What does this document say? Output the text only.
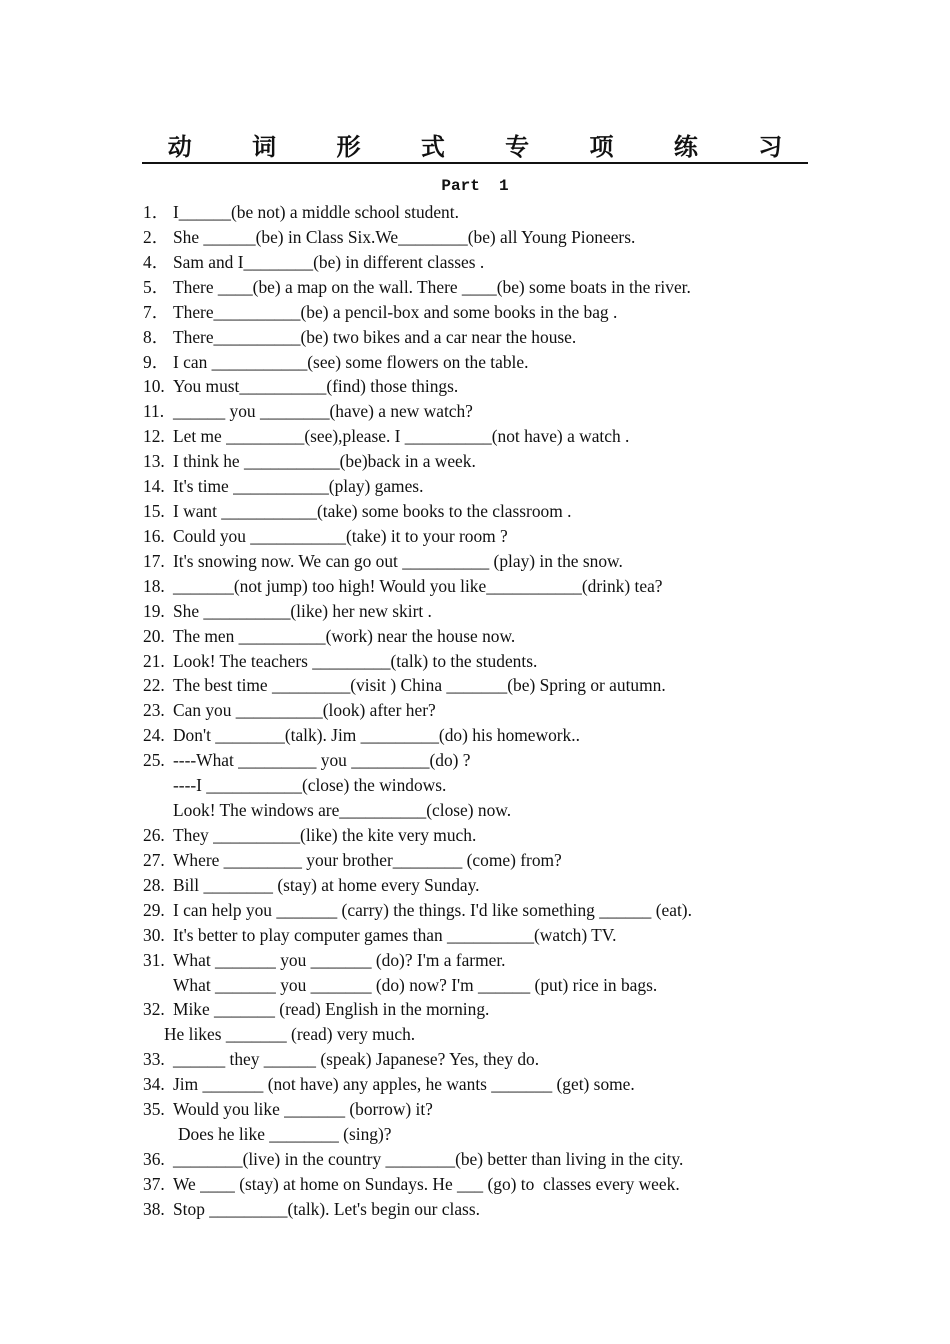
动 词 形 式 专 项 练 习
Part  1
1． I______(be not) a middle school student.
2． She ______(be) in Class Six.We________(be) all Young Pioneers.
4． Sam and I________(be) in different classes .
5． There ____(be) a map on the wall. There ____(be) some boats in the river.
7． There__________(be) a pencil-box and some books in the bag .
8． There__________(be) two bikes and a car near the house.
9． I can ___________(see) some flowers on the table.
10. You must__________(find) those things.
11. ______ you ________(have) a new watch?
12. Let me _________(see),please. I __________(not have) a watch .
13. I think he ___________(be)back in a week.
14. It's time ___________(play) games.
15. I want ___________(take) some books to the classroom .
16. Could you ___________(take) it to your room ?
17. It's snowing now. We can go out __________ (play) in the snow.
18. _______(not jump) too high! Would you like___________(drink) tea?
19. She __________(like) her new skirt .
20. The men __________(work) near the house now.
21. Look! The teachers _________(talk) to the students.
22. The best time _________(visit ) China _______(be) Spring or autumn.
23. Can you __________(look) after her?
24. Don't ________(talk). Jim _________(do) his homework..
25. ----What _________ you _________(do) ?
----I ___________(close) the windows.
Look! The windows are__________(close) now.
26. They __________(like) the kite very much.
27. Where _________ your brother________ (come) from?
28. Bill ________ (stay) at home every Sunday.
29. I can help you _______ (carry) the things. I'd like something ______ (eat).
30. It's better to play computer games than __________(watch) TV.
31. What _______ you _______ (do)? I'm a farmer.
What _______ you _______ (do) now? I'm ______ (put) rice in bags.
32. Mike _______ (read) English in the morning.
He likes _______ (read) very much.
33. ______ they ______ (speak) Japanese? Yes, they do.
34. Jim _______ (not have) any apples, he wants _______ (get) some.
35. Would you like _______ (borrow) it?
Does he like ________ (sing)?
36. ________(live) in the country ________(be) better than living in the city.
37. We ____ (stay) at home on Sundays. He ___ (go) to  classes every week.
38. Stop _________(talk). Let's begin our class.
